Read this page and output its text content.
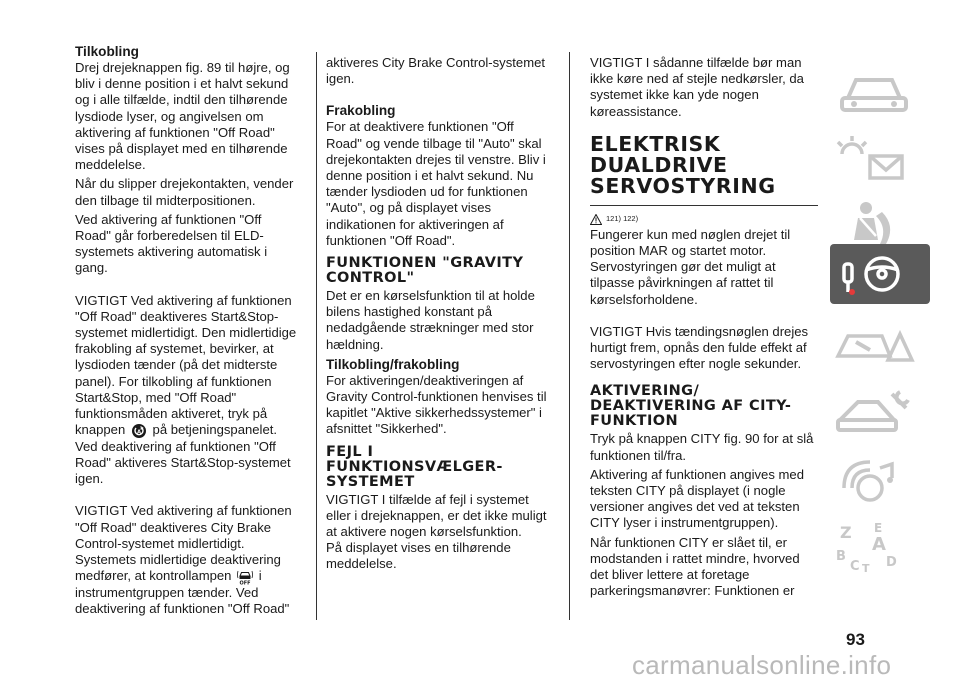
Tilkobling

Drej drejeknappen fig. 89 til højre, og bliv i denne position i et halvt sekund og i alle tilfælde, indtil den tilhørende lysdiode lyser, og angivelsen om aktivering af funktionen "Off Road" vises på displayet med en tilhørende meddelelse.

Når du slipper drejekontakten, vender den tilbage til midterpositionen.

Ved aktivering af funktionen "Off Road" går forberedelsen til ELD-systemets aktivering automatisk i gang.

VIGTIGT Ved aktivering af funktionen "Off Road" deaktiveres Start&Stop-systemet midlertidigt. Den midlertidige frakobling af systemet, bevirker, at lysdioden tænder (på det midterste panel). For tilkobling af funktionen Start&Stop, med "Off Road" funktionsmåden aktiveret, tryk på knappen A på betjeningspanelet. Ved deaktivering af funktionen "Off Road" aktiveres Start&Stop-systemet igen.

VIGTIGT Ved aktivering af funktionen "Off Road" deaktiveres City Brake Control-systemet midlertidigt. Systemets midlertidige deaktivering medfører, at kontrollampen
OFF
i instrumentgruppen tænder. Ved deaktivering af funktionen "Off Road"

aktiveres City Brake Control-systemet igen.

Frakobling

For at deaktivere funktionen "Off Road" og vende tilbage til "Auto" skal drejekontakten drejes til venstre. Bliv i denne position i et halvt sekund. Nu tænder lysdioden ud for funktionen "Auto", og på displayet vises indikationen for aktiveringen af funktionen "Off Road".

FUNKTIONEN "GRAVITY CONTROL"

Det er en kørselsfunktion til at holde bilens hastighed konstant på nedadgående strækninger med stor hældning.

Tilkobling/frakobling

For aktiveringen/deaktiveringen af Gravity Control-funktionen henvises til kapitlet "Aktive sikkerhedssystemer" i afsnittet "Sikkerhed".

FEJL I FUNKTIONSVÆLGER-SYSTEMET

VIGTIGT I tilfælde af fejl i systemet eller i drejeknappen, er det ikke muligt at aktivere nogen kørselsfunktion.

På displayet vises en tilhørende meddelelse.

VIGTIGT I sådanne tilfælde bør man ikke køre ned af stejle nedkørsler, da systemet ikke kan yde nogen køreassistance.

ELEKTRISK DUALDRIVE SERVOSTYRING
121) 122)

Fungerer kun med nøglen drejet til position MAR og startet motor. Servostyringen gør det muligt at tilpasse påvirkningen af rattet til kørselsforholdene.

VIGTIGT Hvis tændingsnøglen drejes hurtigt frem, opnås den fulde effekt af servostyringen efter nogle sekunder.

AKTIVERING/ DEAKTIVERING AF CITY-FUNKTION

Tryk på knappen CITY fig. 90 for at slå funktionen til/fra.

Aktivering af funktionen angives med teksten CITY på displayet (i nogle versioner angives det ved at teksten CITY lyser i instrumentgruppen).

Når funktionen CITY er slået til, er modstanden i rattet mindre, hvorved det bliver lettere at foretage parkeringsmanøvrer: Funktionen er

Z E
A
B
C T D
93
carmanualsonline.info
